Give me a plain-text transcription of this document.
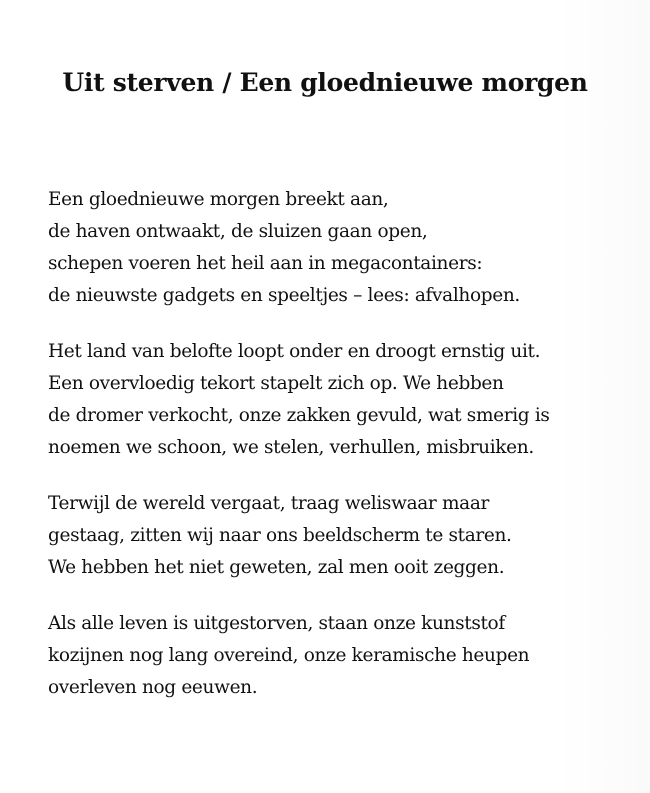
Uit sterven / Een gloednieuwe morgen
Een gloednieuwe morgen breekt aan,
de haven ontwaakt, de sluizen gaan open,
schepen voeren het heil aan in megacontainers:
de nieuwste gadgets en speeltjes – lees: afvalhopen.
Het land van belofte loopt onder en droogt ernstig uit.
Een overvloedig tekort stapelt zich op. We hebben
de dromer verkocht, onze zakken gevuld, wat smerig is
noemen we schoon, we stelen, verhullen, misbruiken.
Terwijl de wereld vergaat, traag weliswaar maar
gestaag, zitten wij naar ons beeldscherm te staren.
We hebben het niet geweten, zal men ooit zeggen.
Als alle leven is uitgestorven, staan onze kunststof
kozijnen nog lang overeind, onze keramische heupen
overleven nog eeuwen.
